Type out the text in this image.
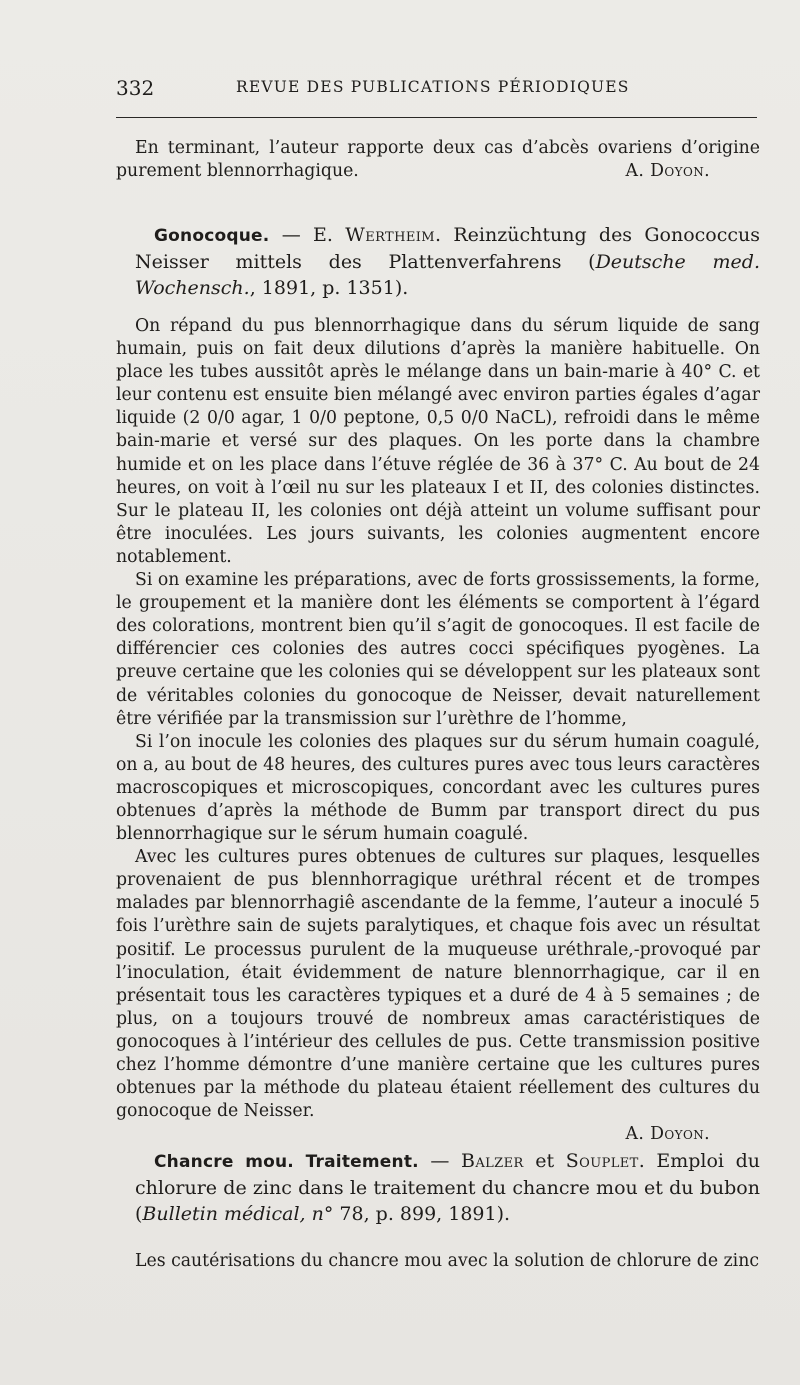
332	REVUE DES PUBLICATIONS PÉRIODIQUES

En terminant, l’auteur rapporte deux cas d’abcès ovariens d’origine purement blennorrhagique.	A. Doyon.

Gonocoque. — E. Wertheim. Reinzüchtung des Gonococcus Neisser mittels des Plattenverfahrens (Deutsche med. Wochensch., 1891, p. 1351).

On répand du pus blennorrhagique dans du sérum liquide de sang humain, puis on fait deux dilutions d’après la manière habituelle. On place les tubes aussitôt après le mélange dans un bain-marie à 40° C. et leur contenu est ensuite bien mélangé avec environ parties égales d’agar liquide (2 0/0 agar, 1 0/0 peptone, 0,5 0/0 NaCL), refroidi dans le même bain-marie et versé sur des plaques. On les porte dans la chambre humide et on les place dans l’étuve réglée de 36 à 37° C. Au bout de 24 heures, on voit à l’œil nu sur les plateaux I et II, des colonies distinctes. Sur le plateau II, les colonies ont déjà atteint un volume suffisant pour être inoculées. Les jours suivants, les colonies augmentent encore notablement.

Si on examine les préparations, avec de forts grossissements, la forme, le groupement et la manière dont les éléments se comportent à l’égard des colorations, montrent bien qu’il s’agit de gonocoques. Il est facile de différencier ces colonies des autres cocci spécifiques pyogènes. La preuve certaine que les colonies qui se développent sur les plateaux sont de véritables colonies du gonocoque de Neisser, devait naturellement être vérifiée par la transmission sur l’urèthre de l’homme,

Si l’on inocule les colonies des plaques sur du sérum humain coagulé, on a, au bout de 48 heures, des cultures pures avec tous leurs caractères macroscopiques et microscopiques, concordant avec les cultures pures obtenues d’après la méthode de Bumm par transport direct du pus blennorrhagique sur le sérum humain coagulé.

Avec les cultures pures obtenues de cultures sur plaques, lesquelles provenaient de pus blennhorragique uréthral récent et de trompes malades par blennorrhagiê ascendante de la femme, l’auteur a inoculé 5 fois l’urèthre sain de sujets paralytiques, et chaque fois avec un résultat positif. Le processus purulent de la muqueuse uréthrale,-provoqué par l’inoculation, était évidemment de nature blennorrhagique, car il en présentait tous les caractères typiques et a duré de 4 à 5 semaines ; de plus, on a toujours trouvé de nombreux amas caractéristiques de gonocoques à l’intérieur des cellules de pus. Cette transmission positive chez l’homme démontre d’une manière certaine que les cultures pures obtenues par la méthode du plateau étaient réellement des cultures du gonocoque de Neisser.

A. Doyon.

Chancre mou. Traitement. — Balzer et Souplet. Emploi du chlorure de zinc dans le traitement du chancre mou et du bubon (Bulletin médical, n° 78, p. 899, 1891).

Les cautérisations du chancre mou avec la solution de chlorure de zinc
